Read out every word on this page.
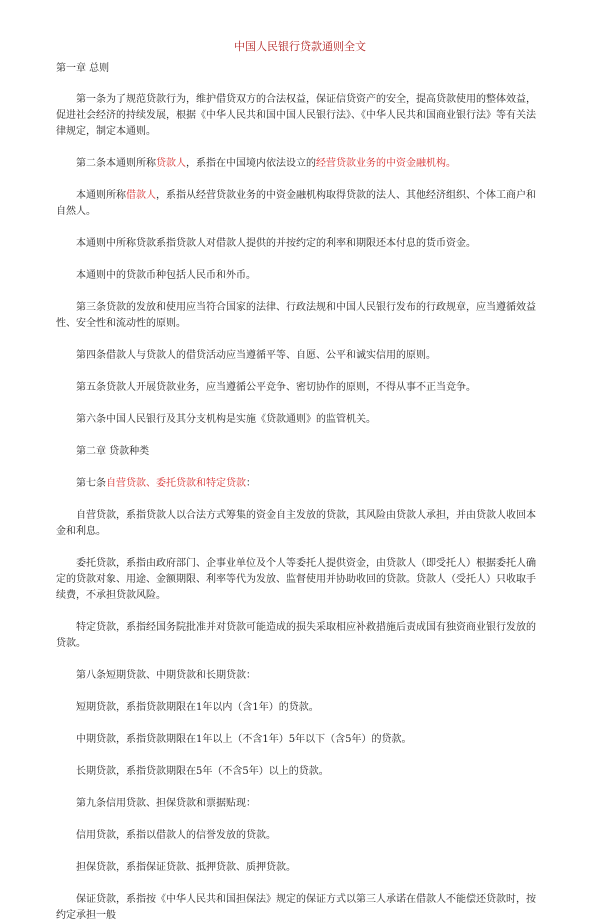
中国人民银行贷款通则全文
第一章 总则

第一条为了规范贷款行为，维护借贷双方的合法权益，保证信贷资产的安全，提高贷款使用的整体效益，促进社会经济的持续发展，根据《中华人民共和国中国人民银行法》、《中华人民共和国商业银行法》等有关法律规定，制定本通则。

第二条本通则所称贷款人，系指在中国境内依法设立的经营贷款业务的中资金融机构。

本通则所称借款人，系指从经营贷款业务的中资金融机构取得贷款的法人、其他经济组织、个体工商户和自然人。

本通则中所称贷款系指贷款人对借款人提供的并按约定的利率和期限还本付息的货币资金。

本通则中的贷款币种包括人民币和外币。

第三条贷款的发放和使用应当符合国家的法律、行政法规和中国人民银行发布的行政规章，应当遵循效益性、安全性和流动性的原则。

第四条借款人与贷款人的借贷活动应当遵循平等、自愿、公平和诚实信用的原则。

第五条贷款人开展贷款业务，应当遵循公平竞争、密切协作的原则，不得从事不正当竞争。

第六条中国人民银行及其分支机构是实施《贷款通则》的监管机关。

第二章 贷款种类

第七条自营贷款、委托贷款和特定贷款：

自营贷款，系指贷款人以合法方式筹集的资金自主发放的贷款，其风险由贷款人承担，并由贷款人收回本金和利息。

委托贷款，系指由政府部门、企事业单位及个人等委托人提供资金，由贷款人（即受托人）根据委托人确定的贷款对象、用途、金额期限、利率等代为发放、监督使用并协助收回的贷款。贷款人（受托人）只收取手续费，不承担贷款风险。

特定贷款，系指经国务院批准并对贷款可能造成的损失采取相应补救措施后责成国有独资商业银行发放的贷款。

第八条短期贷款、中期贷款和长期贷款：

短期贷款，系指贷款期限在1年以内（含1年）的贷款。

中期贷款，系指贷款期限在1年以上（不含1年）5年以下（含5年）的贷款。

长期贷款，系指贷款期限在5年（不含5年）以上的贷款。

第九条信用贷款、担保贷款和票据贴现：

信用贷款，系指以借款人的信誉发放的贷款。

担保贷款，系指保证贷款、抵押贷款、质押贷款。

保证贷款，系指按《中华人民共和国担保法》规定的保证方式以第三人承诺在借款人不能偿还贷款时，按约定承担一般
